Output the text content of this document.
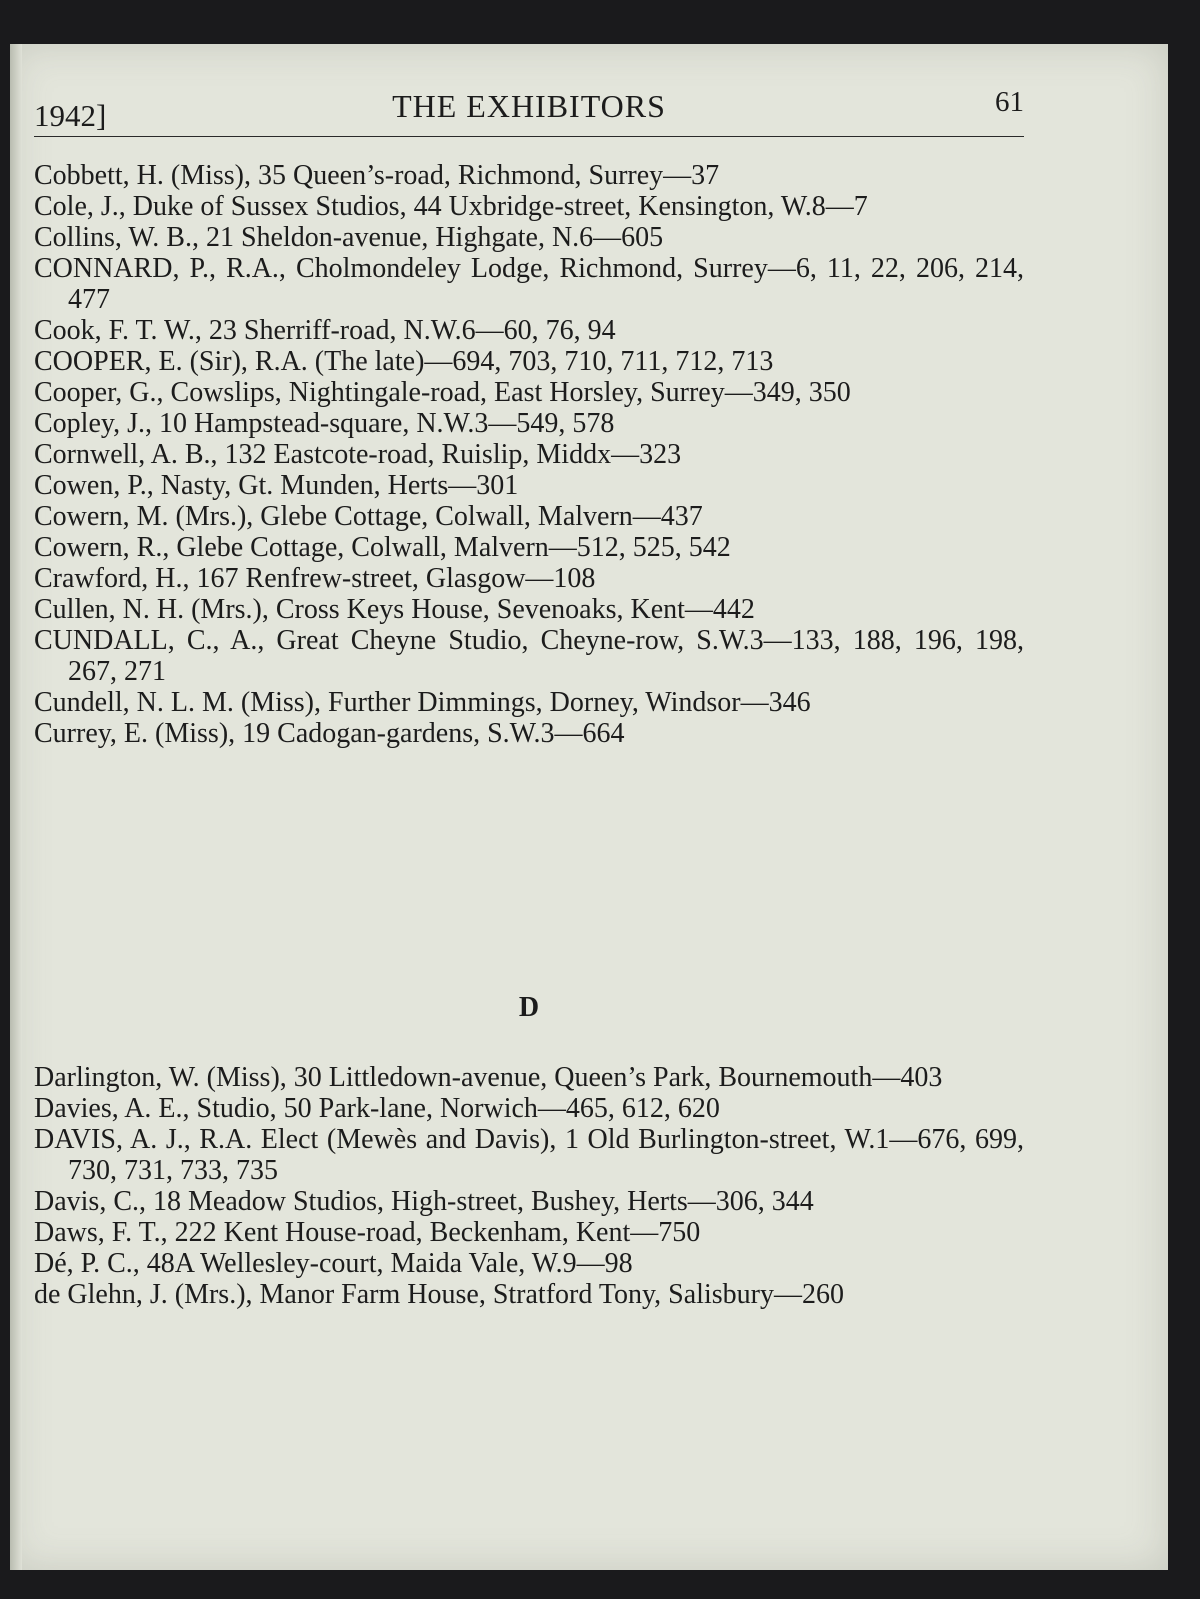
1942]	THE EXHIBITORS	61
Cobbett, H. (Miss), 35 Queen’s-road, Richmond, Surrey—37
Cole, J., Duke of Sussex Studios, 44 Uxbridge-street, Kensington, W.8—7
Collins, W. B., 21 Sheldon-avenue, Highgate, N.6—605
CONNARD, P., R.A., Cholmondeley Lodge, Richmond, Surrey—6, 11, 22, 206, 214, 477
Cook, F. T. W., 23 Sherriff-road, N.W.6—60, 76, 94
COOPER, E. (Sir), R.A. (The late)—694, 703, 710, 711, 712, 713
Cooper, G., Cowslips, Nightingale-road, East Horsley, Surrey—349, 350
Copley, J., 10 Hampstead-square, N.W.3—549, 578
Cornwell, A. B., 132 Eastcote-road, Ruislip, Middx—323
Cowen, P., Nasty, Gt. Munden, Herts—301
Cowern, M. (Mrs.), Glebe Cottage, Colwall, Malvern—437
Cowern, R., Glebe Cottage, Colwall, Malvern—512, 525, 542
Crawford, H., 167 Renfrew-street, Glasgow—108
Cullen, N. H. (Mrs.), Cross Keys House, Sevenoaks, Kent—442
CUNDALL, C., A., Great Cheyne Studio, Cheyne-row, S.W.3—133, 188, 196, 198, 267, 271
Cundell, N. L. M. (Miss), Further Dimmings, Dorney, Windsor—346
Currey, E. (Miss), 19 Cadogan-gardens, S.W.3—664
D
Darlington, W. (Miss), 30 Littledown-avenue, Queen’s Park, Bournemouth—403
Davies, A. E., Studio, 50 Park-lane, Norwich—465, 612, 620
DAVIS, A. J., R.A. Elect (Mewès and Davis), 1 Old Burlington-street, W.1—676, 699, 730, 731, 733, 735
Davis, C., 18 Meadow Studios, High-street, Bushey, Herts—306, 344
Daws, F. T., 222 Kent House-road, Beckenham, Kent—750
Dé, P. C., 48A Wellesley-court, Maida Vale, W.9—98
de Glehn, J. (Mrs.), Manor Farm House, Stratford Tony, Salisbury—260
